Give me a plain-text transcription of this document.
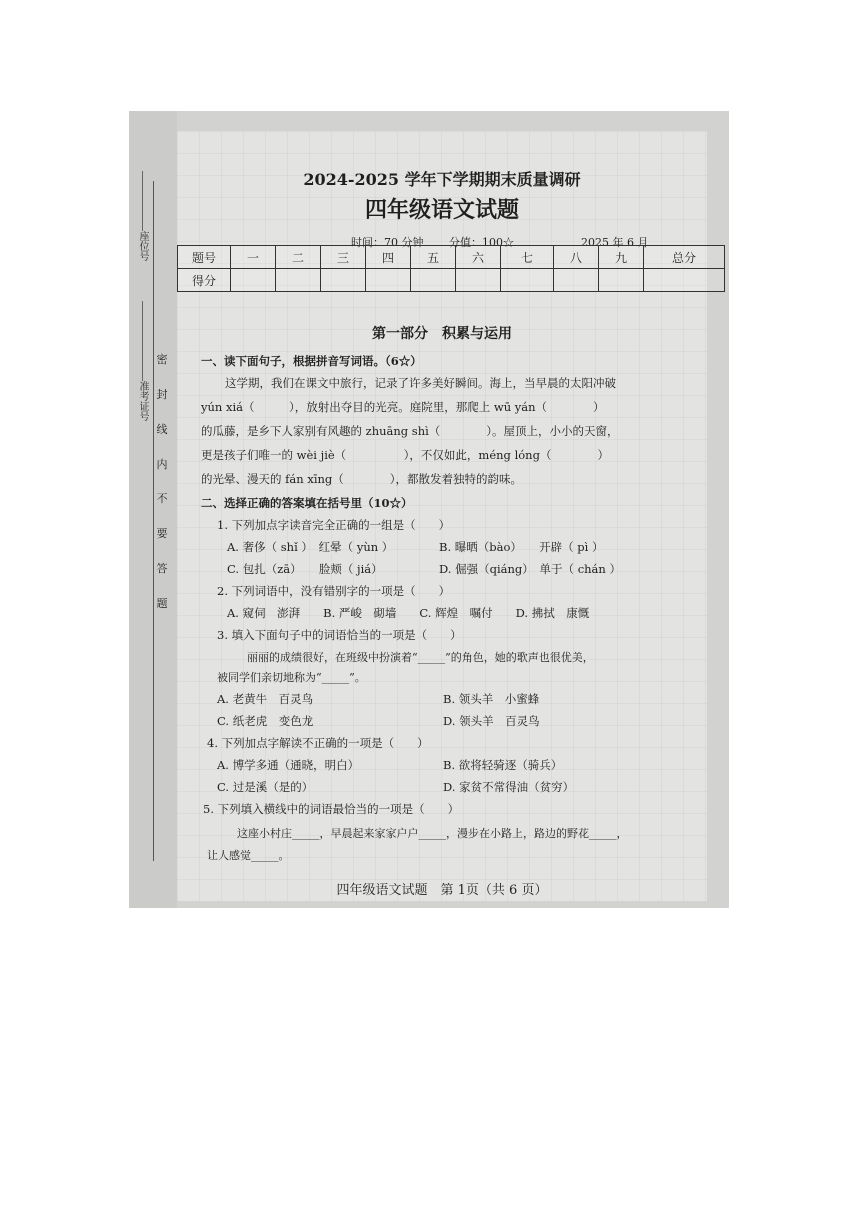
座位号
准考证号
密
封
线
内
不
要
答
题
2024-2025 学年下学期期末质量调研
四年级语文试题
时间：70 分钟 分值：100☆	2025 年 6 月
题号	一	二	三	四	五	六	七	八	九	总分
得分										
第一部分　积累与运用
一、读下面句子，根据拼音写词语。（6☆）
这学期，我们在课文中旅行，记录了许多美好瞬间。海上，当早晨的太阳冲破
yún xiá（　　　），放射出夺目的光亮。庭院里，那爬上 wū yán（　　　　）
的瓜藤，是乡下人家别有风趣的 zhuāng shì（　　　　）。屋顶上，小小的天窗，
更是孩子们唯一的 wèi jiè（　　　　　），不仅如此，méng lóng（　　　　）
的光晕、漫天的 fán xīng（　　　　），都散发着独特的韵味。
二、选择正确的答案填在括号里（10☆）
1. 下列加点字读音完全正确的一组是（　　）
A. 奢侈（ shǐ ）　红晕（ yùn ）	B. 曝晒（bào）　　开辟（ pì ）
C. 包扎（zā）　　脸颊（ jiá）	D. 倔强（qiáng）　单于（ chán ）
2. 下列词语中，没有错别字的一项是（　　）
A. 窥伺　澎湃　　B. 严峻　砌墙　　C. 辉煌　嘱付　　D. 拂拭　康慨
3. 填入下面句子中的词语恰当的一项是（　　）
丽丽的成绩很好，在班级中扮演着“_____”的角色，她的歌声也很优美，
被同学们亲切地称为“_____”。
A. 老黄牛　百灵鸟	B. 领头羊　小蜜蜂
C. 纸老虎　变色龙	D. 领头羊　百灵鸟
4. 下列加点字解读不正确的一项是（　　）
A. 博学多通（通晓，明白）	B. 欲将轻骑逐（骑兵）
C. 过是溪（是的）	D. 家贫不常得油（贫穷）
5. 下列填入横线中的词语最恰当的一项是（　　）
这座小村庄_____，早晨起来家家户户_____，漫步在小路上，路边的野花_____，
让人感觉_____。
四年级语文试题　第 1页（共 6 页）
